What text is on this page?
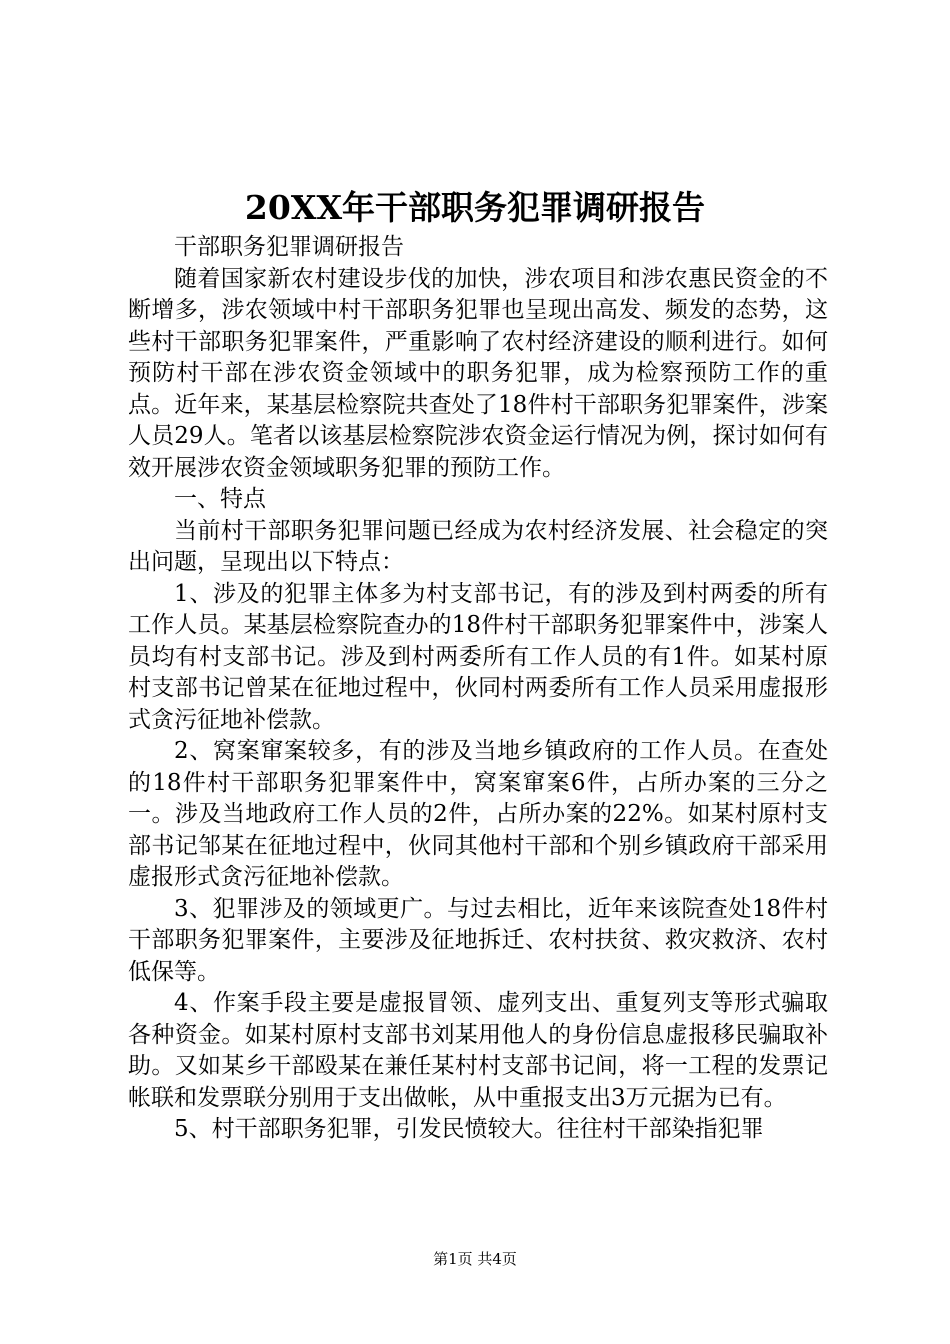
20XX年干部职务犯罪调研报告

干部职务犯罪调研报告

随着国家新农村建设步伐的加快，涉农项目和涉农惠民资金的不断增多，涉农领域中村干部职务犯罪也呈现出高发、频发的态势，这些村干部职务犯罪案件，严重影响了农村经济建设的顺利进行。如何预防村干部在涉农资金领域中的职务犯罪，成为检察预防工作的重点。近年来，某基层检察院共查处了18件村干部职务犯罪案件，涉案人员29人。笔者以该基层检察院涉农资金运行情况为例，探讨如何有效开展涉农资金领域职务犯罪的预防工作。

一、特点

当前村干部职务犯罪问题已经成为农村经济发展、社会稳定的突出问题，呈现出以下特点：

1、涉及的犯罪主体多为村支部书记，有的涉及到村两委的所有工作人员。某基层检察院查办的18件村干部职务犯罪案件中，涉案人员均有村支部书记。涉及到村两委所有工作人员的有1件。如某村原村支部书记曾某在征地过程中，伙同村两委所有工作人员采用虚报形式贪污征地补偿款。

2、窝案窜案较多，有的涉及当地乡镇政府的工作人员。在查处的18件村干部职务犯罪案件中，窝案窜案6件，占所办案的三分之一。涉及当地政府工作人员的2件，占所办案的22%。如某村原村支部书记邹某在征地过程中，伙同其他村干部和个别乡镇政府干部采用虚报形式贪污征地补偿款。

3、犯罪涉及的领域更广。与过去相比，近年来该院查处18件村干部职务犯罪案件，主要涉及征地拆迁、农村扶贫、救灾救济、农村低保等。

4、作案手段主要是虚报冒领、虚列支出、重复列支等形式骗取各种资金。如某村原村支部书刘某用他人的身份信息虚报移民骗取补助。又如某乡干部殴某在兼任某村村支部书记间，将一工程的发票记帐联和发票联分别用于支出做帐，从中重报支出3万元据为已有。

5、村干部职务犯罪，引发民愤较大。往往村干部染指犯罪

第1页 共4页
